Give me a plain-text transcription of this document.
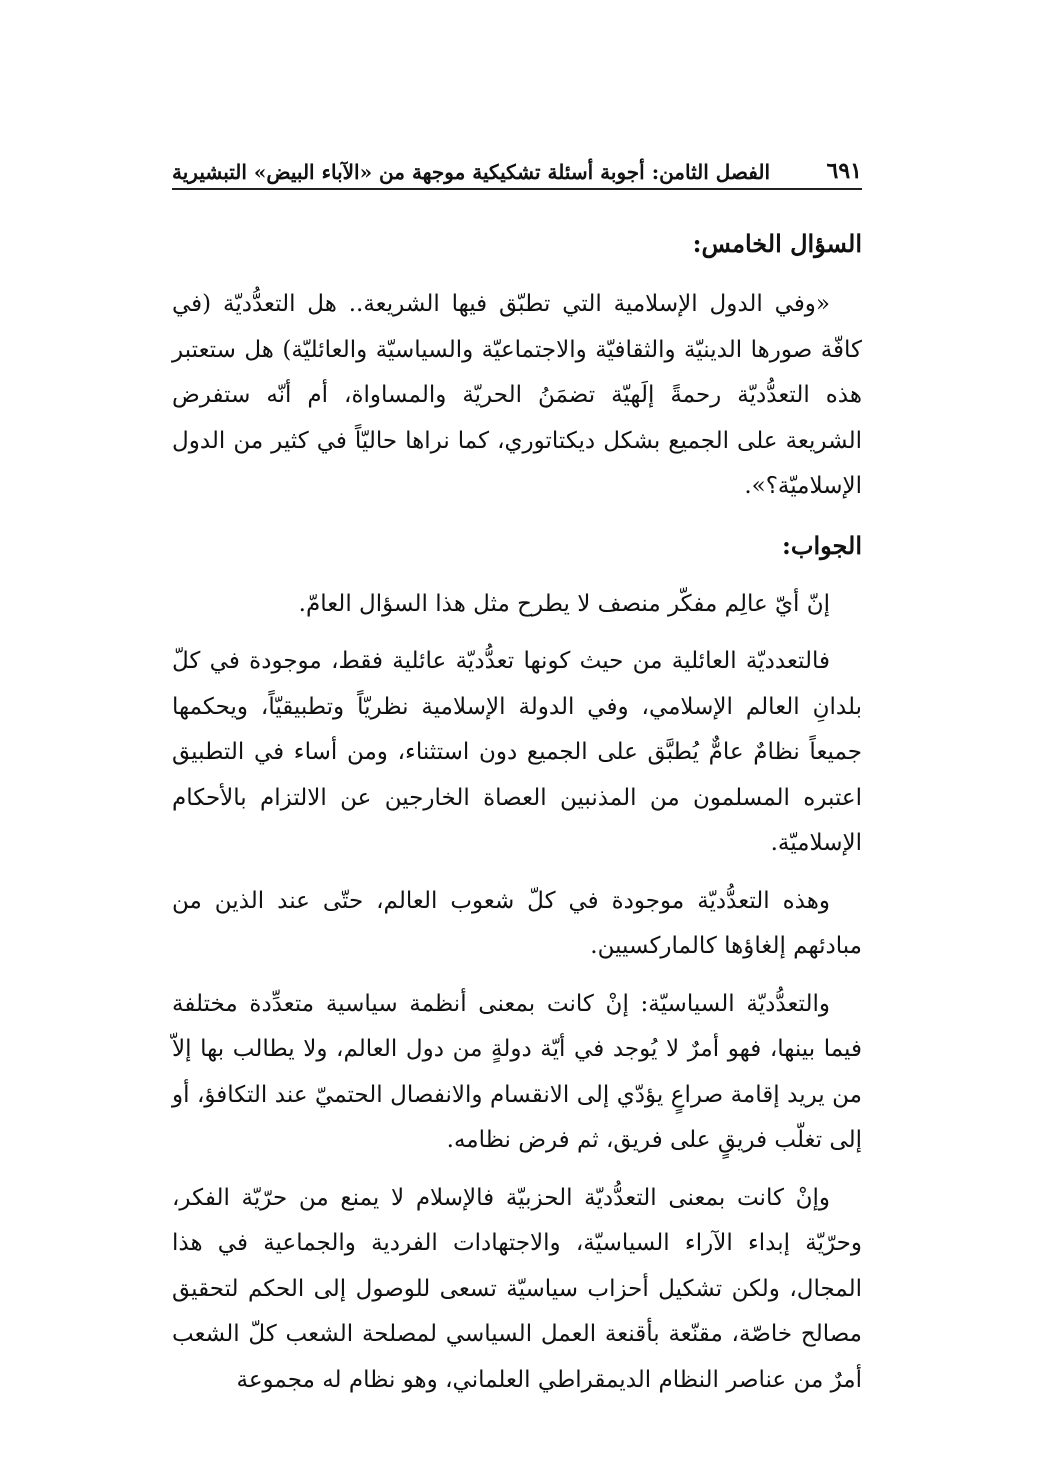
الفصل الثامن: أجوبة أسئلة تشكيكية موجهة من «الآباء البيض» التبشيرية	٦٩١
السؤال الخامس:

«وفي الدول الإسلامية التي تطبّق فيها الشريعة.. هل التعدُّديّة (في كافّة صورها الدينيّة والثقافيّة والاجتماعيّة والسياسيّة والعائليّة) هل ستعتبر هذه التعدُّديّة رحمةً إلَهيّة تضمَنُ الحريّة والمساواة، أم أنّه ستفرض الشريعة على الجميع بشكل ديكتاتوري، كما نراها حاليّاً في كثير من الدول الإسلاميّة؟».

الجواب:

إنّ أيّ عالِم مفكّر منصف لا يطرح مثل هذا السؤال العامّ.

فالتعدديّة العائلية من حيث كونها تعدُّديّة عائلية فقط، موجودة في كلّ بلدانِ العالم الإسلامي، وفي الدولة الإسلامية نظريّاً وتطبيقيّاً، ويحكمها جميعاً نظامٌ عامٌّ يُطبَّق على الجميع دون استثناء، ومن أساء في التطبيق اعتبره المسلمون من المذنبين العصاة الخارجين عن الالتزام بالأحكام الإسلاميّة.

وهذه التعدُّديّة موجودة في كلّ شعوب العالم، حتّى عند الذين من مبادئهم إلغاؤها كالماركسيين.

والتعدُّديّة السياسيّة: إنْ كانت بمعنى أنظمة سياسية متعدِّدة مختلفة فيما بينها، فهو أمرٌ لا يُوجد في أيّة دولةٍ من دول العالم، ولا يطالب بها إلاّ من يريد إقامة صراعٍ يؤدّي إلى الانقسام والانفصال الحتميّ عند التكافؤ، أو إلى تغلّب فريقٍ على فريق، ثم فرض نظامه.

وإنْ كانت بمعنى التعدُّديّة الحزبيّة فالإسلام لا يمنع من حرّيّة الفكر، وحرّيّة إبداء الآراء السياسيّة، والاجتهادات الفردية والجماعية في هذا المجال، ولكن تشكيل أحزاب سياسيّة تسعى للوصول إلى الحكم لتحقيق مصالح خاصّة، مقنّعة بأقنعة العمل السياسي لمصلحة الشعب كلّ الشعب أمرٌ من عناصر النظام الديمقراطي العلماني، وهو نظام له مجموعة
